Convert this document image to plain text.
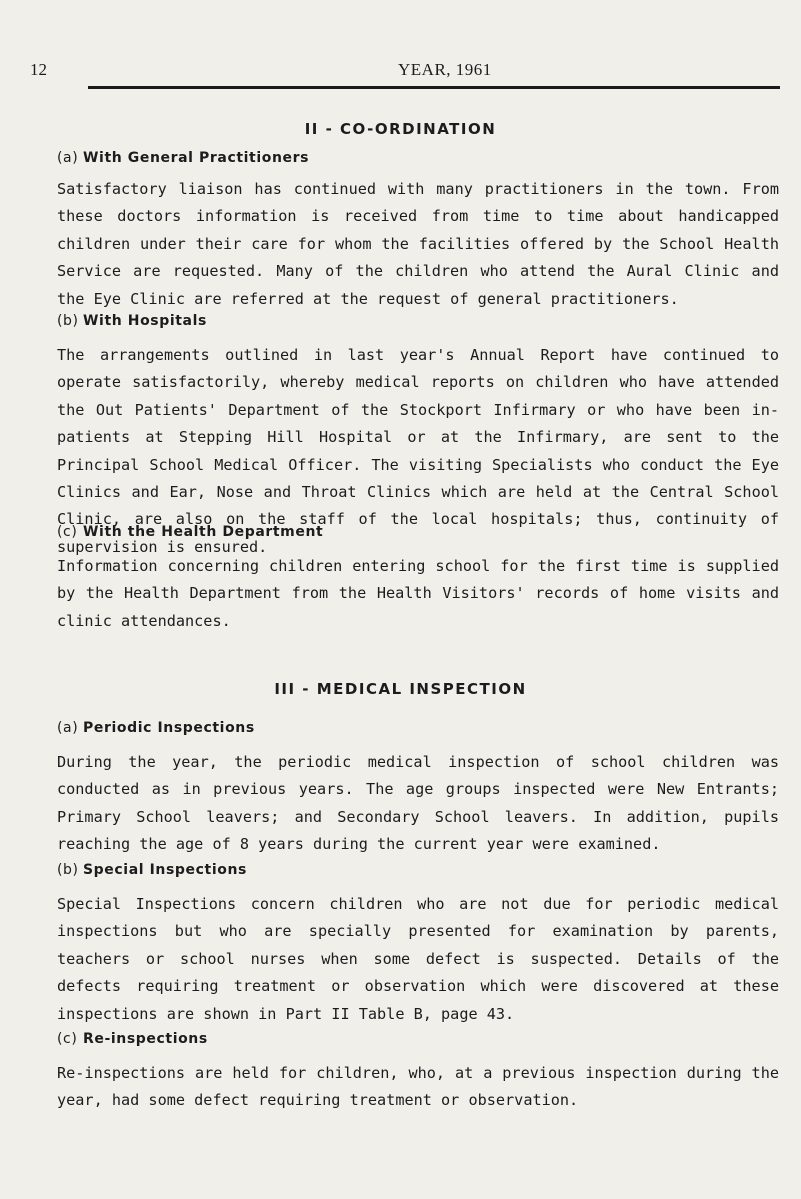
12	YEAR, 1961
II - CO-ORDINATION
(a) With General Practitioners

Satisfactory liaison has continued with many practitioners in the town. From these doctors information is received from time to time about handicapped children under their care for whom the facilities offered by the School Health Service are requested. Many of the children who attend the Aural Clinic and the Eye Clinic are referred at the request of general practitioners.

(b) With Hospitals

The arrangements outlined in last year's Annual Report have continued to operate satisfactorily, whereby medical reports on children who have attended the Out Patients' Department of the Stockport Infirmary or who have been in-patients at Stepping Hill Hospital or at the Infirmary, are sent to the Principal School Medical Officer. The visiting Specialists who conduct the Eye Clinics and Ear, Nose and Throat Clinics which are held at the Central School Clinic, are also on the staff of the local hospitals; thus, continuity of supervision is ensured.

(c) With the Health Department

Information concerning children entering school for the first time is supplied by the Health Department from the Health Visitors' records of home visits and clinic attendances.

III - MEDICAL INSPECTION
(a) Periodic Inspections

During the year, the periodic medical inspection of school children was conducted as in previous years. The age groups inspected were New Entrants; Primary School leavers; and Secondary School leavers. In addition, pupils reaching the age of 8 years during the current year were examined.

(b) Special Inspections

Special Inspections concern children who are not due for periodic medical inspections but who are specially presented for examination by parents, teachers or school nurses when some defect is suspected. Details of the defects requiring treatment or observation which were discovered at these inspections are shown in Part II Table B, page 43.

(c) Re-inspections

Re-inspections are held for children, who, at a previous inspection during the year, had some defect requiring treatment or observation.
